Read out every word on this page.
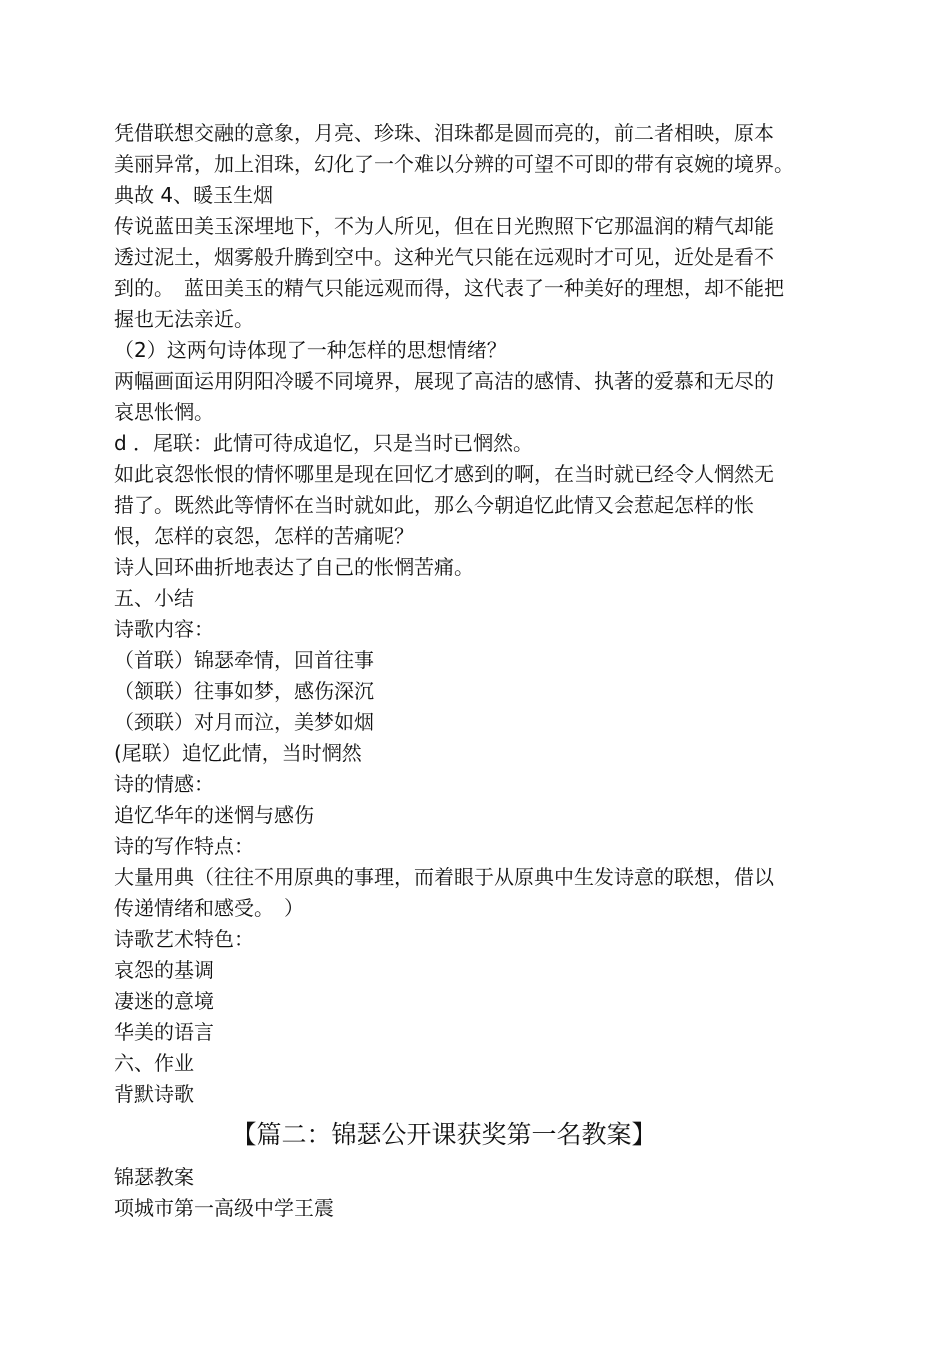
凭借联想交融的意象，月亮、珍珠、泪珠都是圆而亮的，前二者相映，原本美丽异常，加上泪珠，幻化了一个难以分辨的可望不可即的带有哀婉的境界。　典故 4、暖玉生烟

传说蓝田美玉深埋地下，不为人所见，但在日光煦照下它那温润的精气却能透过泥土，烟雾般升腾到空中。这种光气只能在远观时才可见，近处是看不到的。　蓝田美玉的精气只能远观而得，这代表了一种美好的理想，却不能把握也无法亲近。

（2）这两句诗体现了一种怎样的思想情绪？

两幅画面运用阴阳冷暖不同境界，展现了高洁的感情、执著的爱慕和无尽的哀思怅惘。

d ．尾联：此情可待成追忆，只是当时已惘然。

如此哀怨怅恨的情怀哪里是现在回忆才感到的啊，在当时就已经令人惘然无措了。既然此等情怀在当时就如此，那么今朝追忆此情又会惹起怎样的怅恨，怎样的哀怨，怎样的苦痛呢？

诗人回环曲折地表达了自己的怅惘苦痛。

五、小结

诗歌内容：

（首联）锦瑟牵情，回首往事

（颔联）往事如梦，感伤深沉

（颈联）对月而泣，美梦如烟

(尾联）追忆此情，当时惘然

诗的情感：

追忆华年的迷惘与感伤

诗的写作特点：

大量用典（往往不用原典的事理，而着眼于从原典中生发诗意的联想，借以传递情绪和感受。　）

诗歌艺术特色：

哀怨的基调

凄迷的意境

华美的语言

六、作业

背默诗歌

【篇二：锦瑟公开课获奖第一名教案】

锦瑟教案

项城市第一高级中学王震
